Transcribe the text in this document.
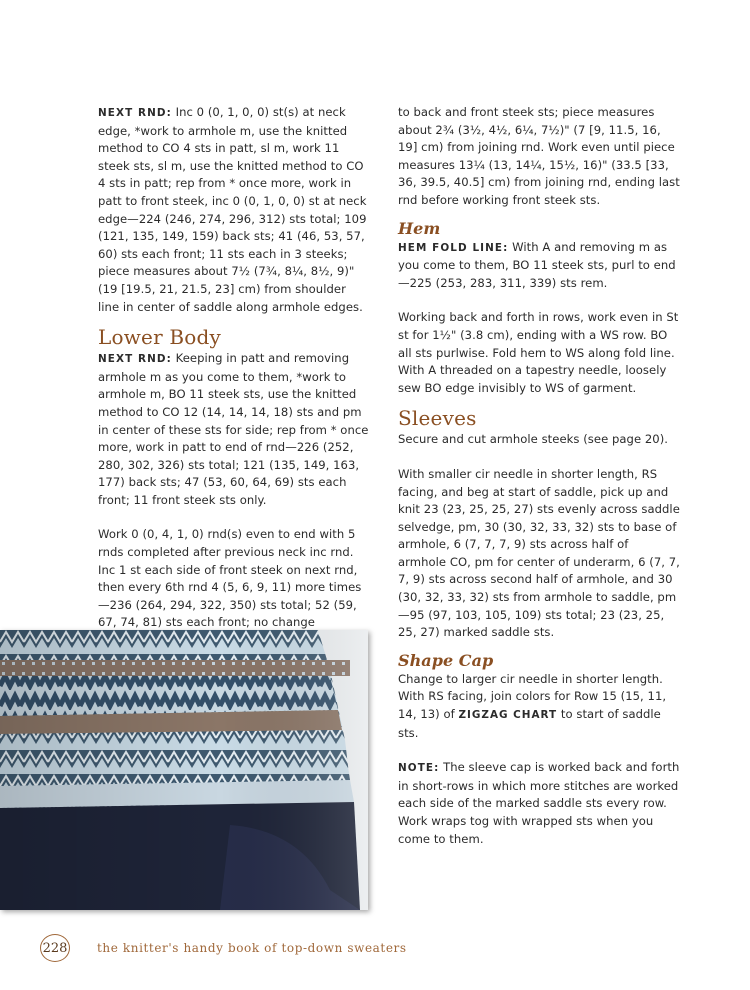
NEXT RND: Inc 0 (0, 1, 0, 0) st(s) at neck edge, *work to armhole m, use the knitted method to CO 4 sts in patt, sl m, work 11 steek sts, sl m, use the knitted method to CO 4 sts in patt; rep from * once more, work in patt to front steek, inc 0 (0, 1, 0, 0) st at neck edge—224 (246, 274, 296, 312) sts total; 109 (121, 135, 149, 159) back sts; 41 (46, 53, 57, 60) sts each front; 11 sts each in 3 steeks; piece measures about 7½ (7¾, 8¼, 8½, 9)" (19 [19.5, 21, 21.5, 23] cm) from shoulder line in center of saddle along armhole edges.

Lower Body

NEXT RND: Keeping in patt and removing armhole m as you come to them, *work to armhole m, BO 11 steek sts, use the knitted method to CO 12 (14, 14, 14, 18) sts and pm in center of these sts for side; rep from * once more, work in patt to end of rnd—226 (252, 280, 302, 326) sts total; 121 (135, 149, 163, 177) back sts; 47 (53, 60, 64, 69) sts each front; 11 front steek sts only.

Work 0 (0, 4, 1, 0) rnd(s) even to end with 5 rnds completed after previous neck inc rnd. Inc 1 st each side of front steek on next rnd, then every 6th rnd 4 (5, 6, 9, 11) more times—236 (264, 294, 322, 350) sts total; 52 (59, 67, 74, 81) sts each front; no change

to back and front steek sts; piece measures about 2¾ (3½, 4½, 6¼, 7½)" (7 [9, 11.5, 16, 19] cm) from joining rnd. Work even until piece measures 13¼ (13, 14¼, 15½, 16)" (33.5 [33, 36, 39.5, 40.5] cm) from joining rnd, ending last rnd before working front steek sts.

Hem

HEM FOLD LINE: With A and removing m as you come to them, BO 11 steek sts, purl to end—225 (253, 283, 311, 339) sts rem.

Working back and forth in rows, work even in St st for 1½" (3.8 cm), ending with a WS row. BO all sts purlwise. Fold hem to WS along fold line. With A threaded on a tapestry needle, loosely sew BO edge invisibly to WS of garment.

Sleeves

Secure and cut armhole steeks (see page 20).

With smaller cir needle in shorter length, RS facing, and beg at start of saddle, pick up and knit 23 (23, 25, 25, 27) sts evenly across saddle selvedge, pm, 30 (30, 32, 33, 32) sts to base of armhole, 6 (7, 7, 7, 9) sts across half of armhole CO, pm for center of underarm, 6 (7, 7, 7, 9) sts across second half of armhole, and 30 (30, 32, 33, 32) sts from armhole to saddle, pm—95 (97, 103, 105, 109) sts total; 23 (23, 25, 25, 27) marked saddle sts.

Shape Cap

Change to larger cir needle in shorter length. With RS facing, join colors for Row 15 (15, 11, 14, 13) of ZIGZAG CHART to start of saddle sts.

NOTE: The sleeve cap is worked back and forth in short-rows in which more stitches are worked each side of the marked saddle sts every row. Work wraps tog with wrapped sts when you come to them.

228 the knitter's handy book of top-down sweaters
